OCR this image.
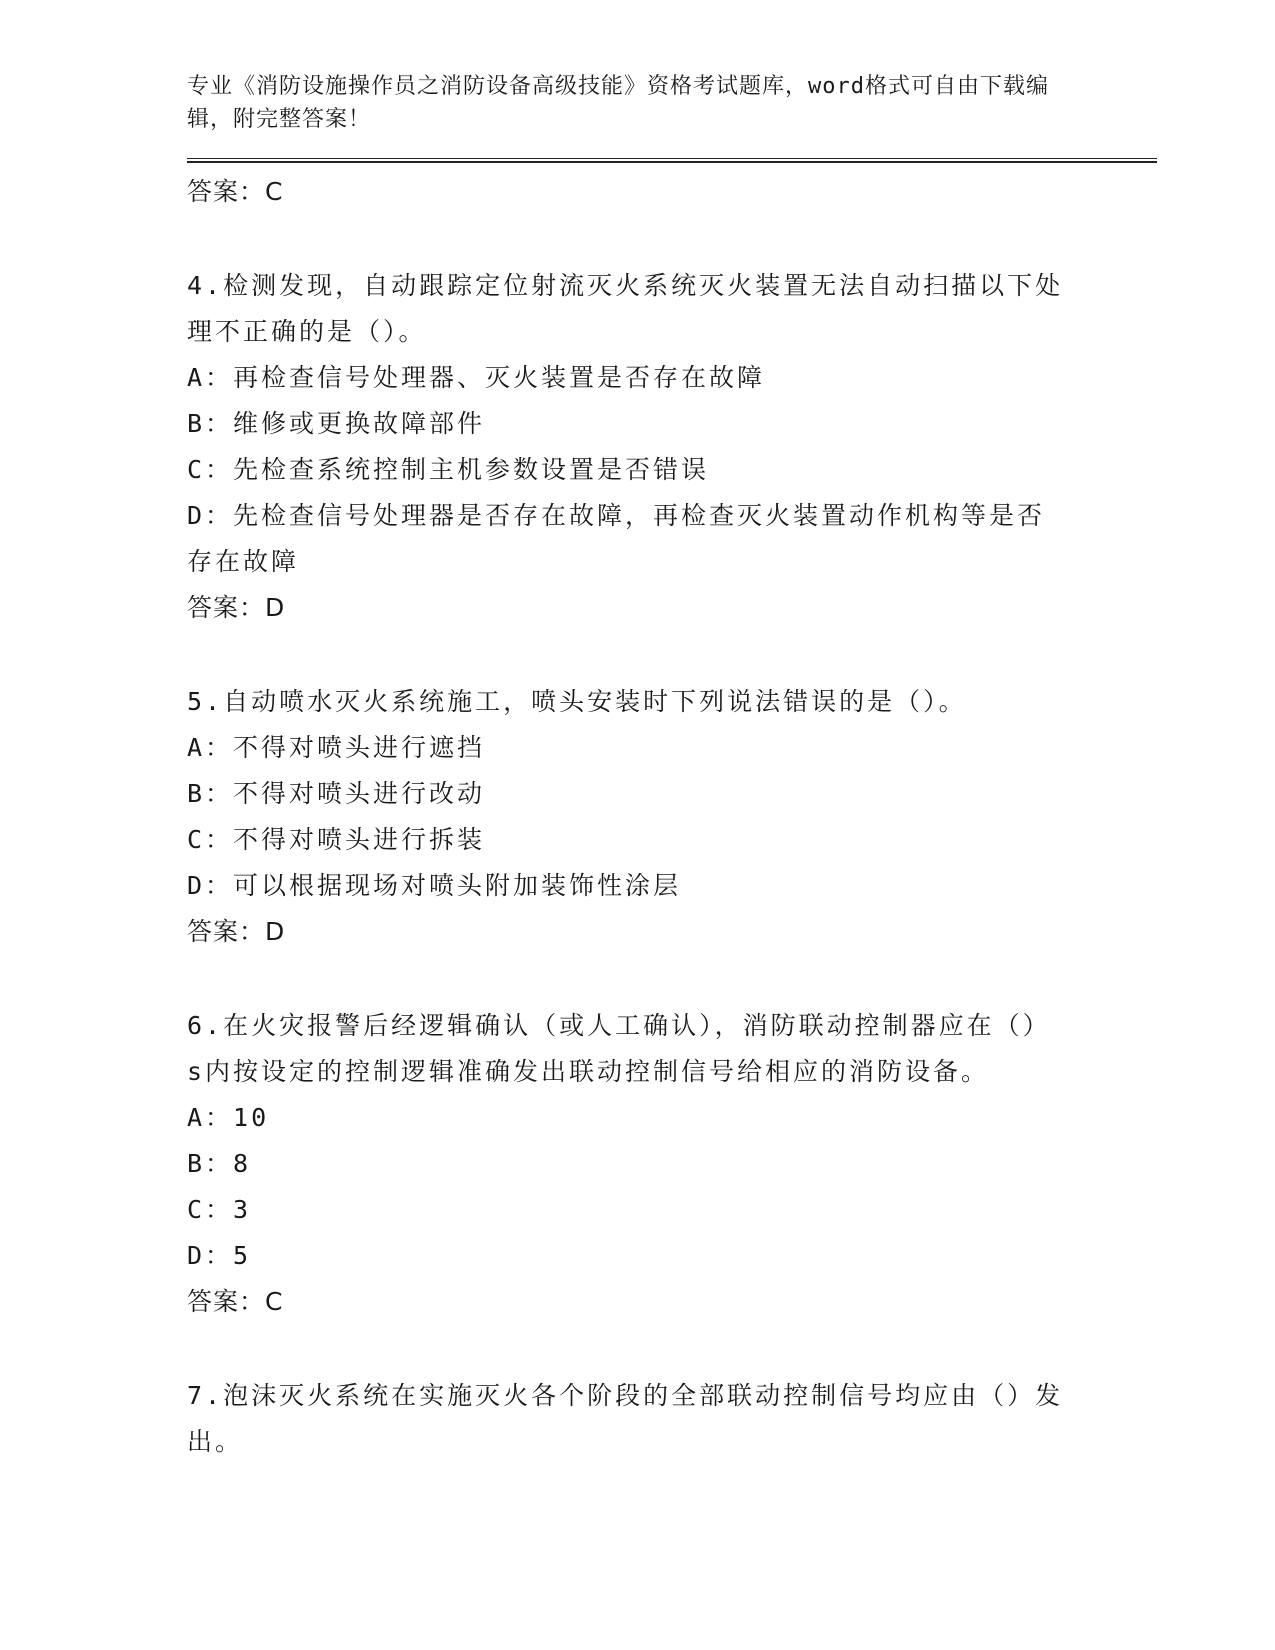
专业《消防设施操作员之消防设备高级技能》资格考试题库，word格式可自由下载编辑，附完整答案！

答案：C

4.检测发现，自动跟踪定位射流灭火系统灭火装置无法自动扫描以下处理不正确的是（）。

A：再检查信号处理器、灭火装置是否存在故障

B：维修或更换故障部件

C：先检查系统控制主机参数设置是否错误

D：先检查信号处理器是否存在故障，再检查灭火装置动作机构等是否存在故障

答案：D

5.自动喷水灭火系统施工，喷头安装时下列说法错误的是（）。

A：不得对喷头进行遮挡

B：不得对喷头进行改动

C：不得对喷头进行拆装

D：可以根据现场对喷头附加装饰性涂层

答案：D

6.在火灾报警后经逻辑确认（或人工确认），消防联动控制器应在（）s内按设定的控制逻辑准确发出联动控制信号给相应的消防设备。

A：10

B：8

C：3

D：5

答案：C

7.泡沫灭火系统在实施灭火各个阶段的全部联动控制信号均应由（）发出。
